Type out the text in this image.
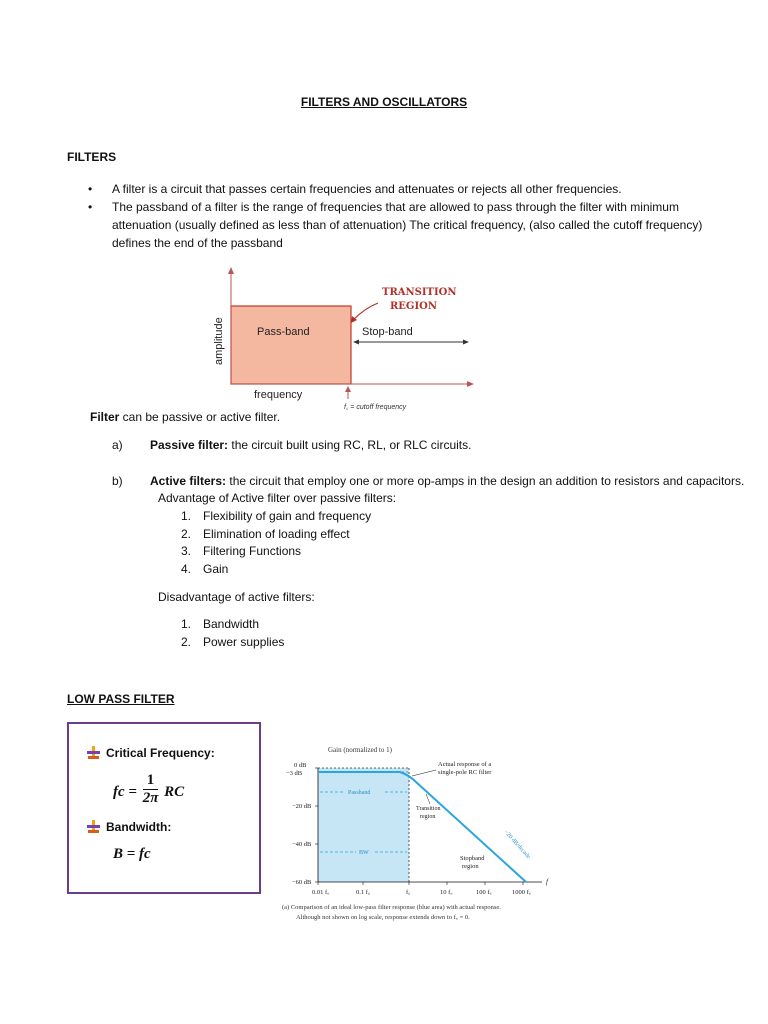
FILTERS AND OSCILLATORS
FILTERS
• A filter is a circuit that passes certain frequencies and attenuates or rejects all other frequencies.
• The passband of a filter is the range of frequencies that are allowed to pass through the filter with minimum attenuation (usually defined as less than of attenuation) The critical frequency, (also called the cutoff frequency) defines the end of the passband
Pass-band	Stop-band
amplitude
frequency
TRANSITION
REGION
f꜀ = cutoff frequency
Filter can be passive or active filter.
a) Passive filter: the circuit built using RC, RL, or RLC circuits.
b) Active filters: the circuit that employ one or more op-amps in the design an addition to resistors and capacitors.
Advantage of Active filter over passive filters:
1. Flexibility of gain and frequency
2. Elimination of loading effect
3. Filtering Functions
4. Gain
Disadvantage of active filters:
1. Bandwidth
2. Power supplies
LOW PASS FILTER
Critical Frequency:
fc = $\frac{1}{2\pi}$ RC
Bandwidth:
B = fc
Gain (normalized to 1)
0 dB
−3 dB
−20 dB
−40 dB
−60 dB
0.01 f꜀	0.1 f꜀	f꜀	10 f꜀	100 f꜀	1000 f꜀
f
Passband
BW
Actual response of a
single-pole RC filter
Transition
region
Stopband
region
−20 dB/decade
(a) Comparison of an ideal low-pass filter response (blue area) with actual response.
Although not shown on log scale, response extends down to f꜀ = 0.
